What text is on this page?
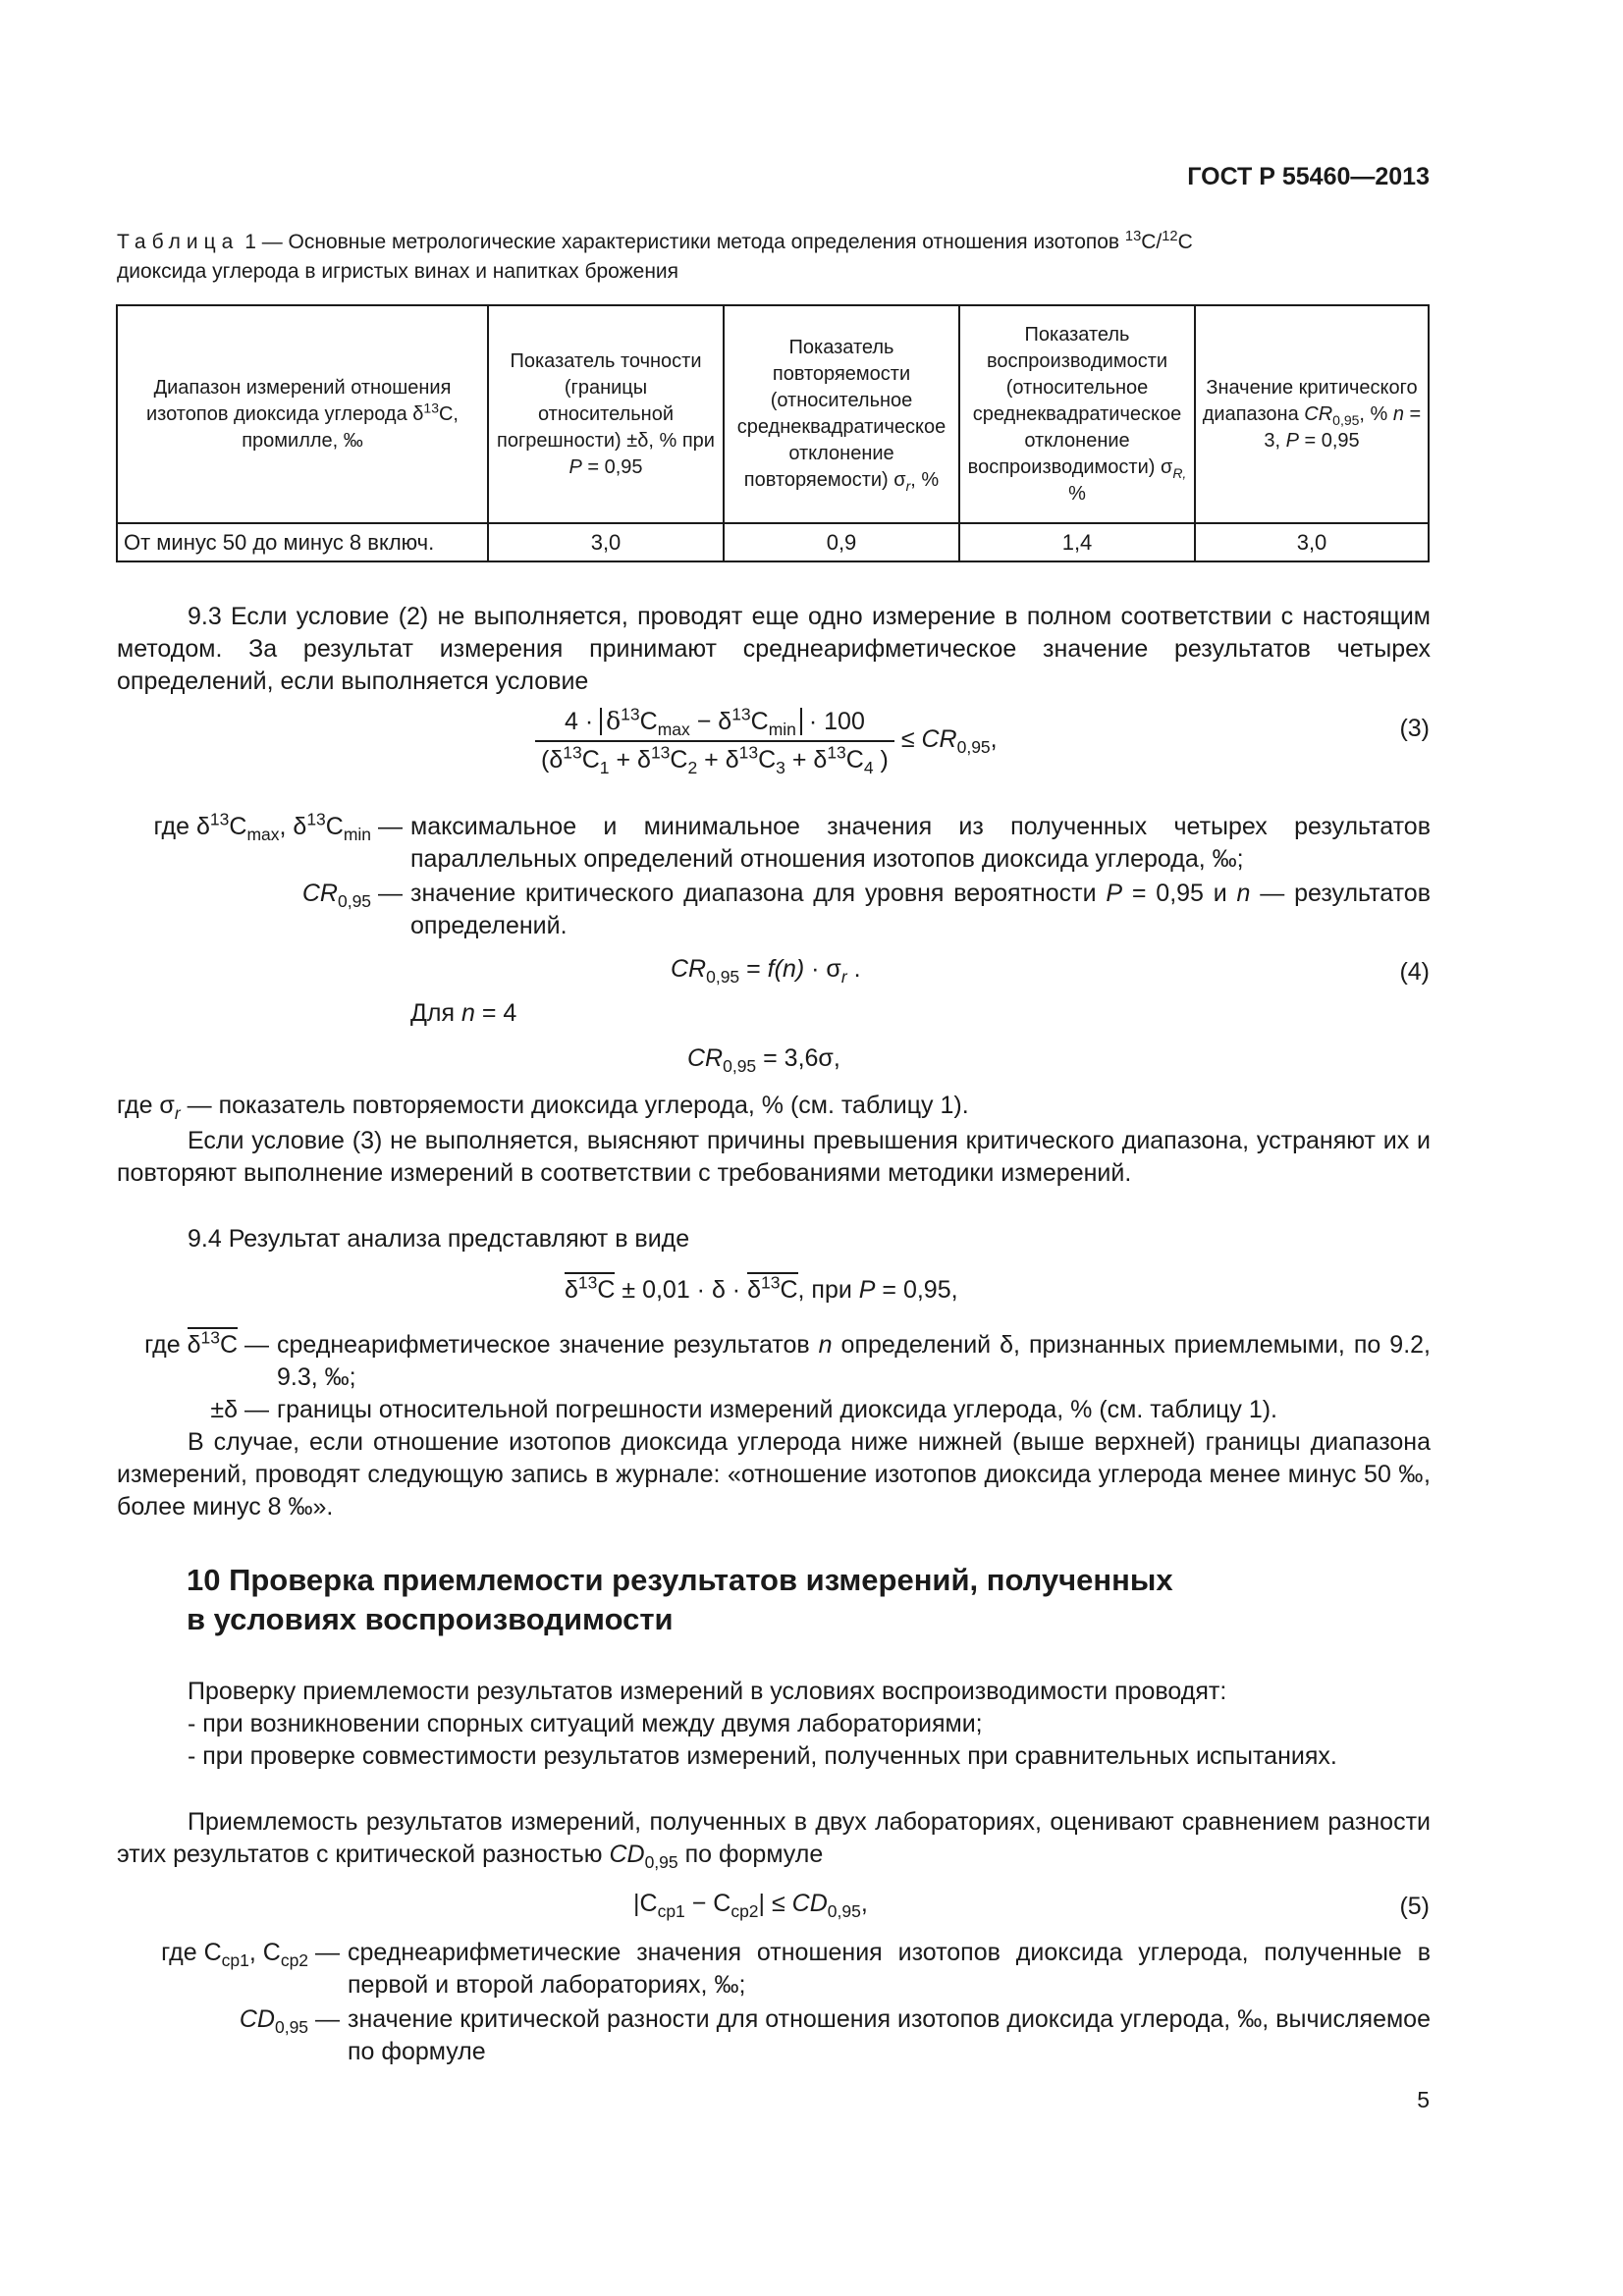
ГОСТ Р 55460—2013
Таблица 1 — Основные метрологические характеристики метода определения отношения изотопов $^{13}$C/$^{12}$C
диоксида углерода в игристых винах и напитках брожения
Диапазон измерений отношения изотопов диоксида углерода $\delta^{13}C$, промилле, ‰	Показатель точности (границы относительной погрешности) ±δ, % при P = 0,95	Показатель повторяемости (относительное среднеквадратическое отклонение повторяемости) $\sigma_r$, %	Показатель воспроизводимости (относительное среднеквадратическое отклонение воспроизводимости) $\sigma_{R,}$ %	Значение критического диапазона $CR_{0,95}$, % n = 3, P = 0,95
От минус 50 до минус 8 включ.	3,0	0,9	1,4	3,0
9.3 Если условие (2) не выполняется, проводят еще одно измерение в полном соответствии с настоящим методом. За результат измерения принимают среднеарифметическое значение результатов четырех определений, если выполняется условие
$\frac{4 \cdot \delta^{13}C_{max} - \delta^{13}C_{min} \cdot 100}{(\delta^{13}C_1 + \delta^{13}C_2 + \delta^{13}C_3 + \delta^{13}C_4 )} \le CR_{0,95}$,	(3)
где $\delta^{13}C_{max}$, $\delta^{13}C_{min}$ — максимальное и минимальное значения из полученных четырех результатов параллельных определений отношения изотопов диоксида углерода, ‰;
$CR_{0,95}$ — значение критического диапазона для уровня вероятности P = 0,95 и n — результатов определений.
$CR_{0,95} = f(n) \cdot \sigma_r$ .	(4)
Для n = 4
$CR_{0,95} = 3,6\sigma$,
где $\sigma_r$ — показатель повторяемости диоксида углерода, % (см. таблицу 1).
Если условие (3) не выполняется, выясняют причины превышения критического диапазона, устраняют их и повторяют выполнение измерений в соответствии с требованиями методики измерений.
9.4 Результат анализа представляют в виде
$\delta^{13}C \pm 0,01 \cdot \delta \cdot \delta^{13}C$, при P = 0,95,
где $\delta^{13}C$ — среднеарифметическое значение результатов n определений δ, признанных приемлемыми, по 9.2, 9.3, ‰;
±δ — границы относительной погрешности измерений диоксида углерода, % (см. таблицу 1).
В случае, если отношение изотопов диоксида углерода ниже нижней (выше верхней) границы диапазона измерений, проводят следующую запись в журнале: «отношение изотопов диоксида углерода менее минус 50 ‰, более минус 8 ‰».
10 Проверка приемлемости результатов измерений, полученных
в условиях воспроизводимости
Проверку приемлемости результатов измерений в условиях воспроизводимости проводят:
- при возникновении спорных ситуаций между двумя лабораториями;
- при проверке совместимости результатов измерений, полученных при сравнительных испытаниях.
Приемлемость результатов измерений, полученных в двух лабораториях, оценивают сравнением разности этих результатов с критической разностью $CD_{0,95}$ по формуле
$|C_{ср1} - C_{ср2}| \le CD_{0,95}$,	(5)
где $C_{ср1}$, $C_{ср2}$ — среднеарифметические значения отношения изотопов диоксида углерода, полученные в первой и второй лабораториях, ‰;
$CD_{0,95}$ — значение критической разности для отношения изотопов диоксида углерода, ‰, вычисляемое по формуле
5
